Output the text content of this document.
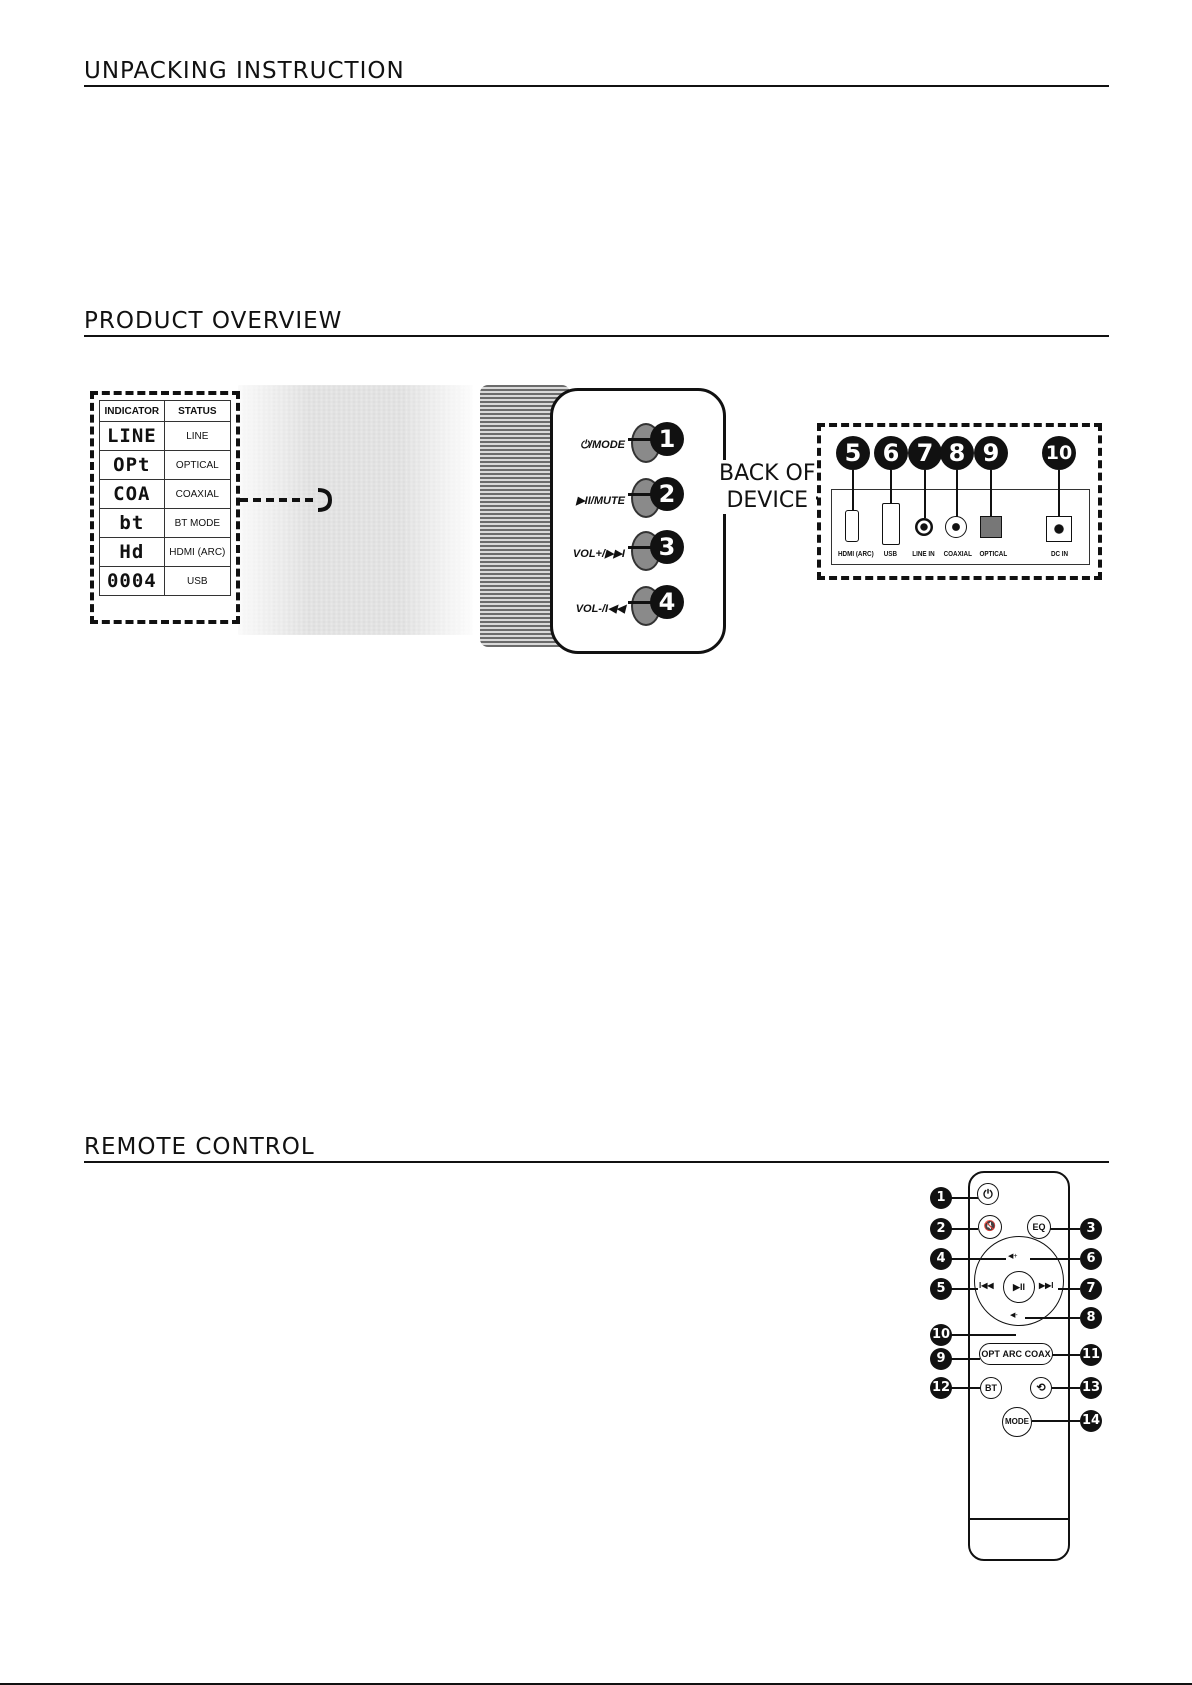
UNPACKING INSTRUCTION
PRODUCT OVERVIEW
REMOTE CONTROL
INDICATOR	STATUS
LINE	LINE
OPt	OPTICAL
COA	COAXIAL
bt	BT MODE
Hd	HDMI (ARC)
0004	USB
⏻/MODE
▶II/MUTE
VOL+/▶▶I
VOL-/I◀◀
1
2
3
4
BACK OF
DEVICE
5 6 7 8 9	10
HDMI (ARC) USB LINE IN COAXIAL OPTICAL	DC IN
⏻
🔇	EQ
◀+
I◀◀	▶II	▶▶I
◀-
OPT ARC COAX
BT	⟲
MODE
1
2	3
4	6
5	7
8
10
9	11
12	13
14
